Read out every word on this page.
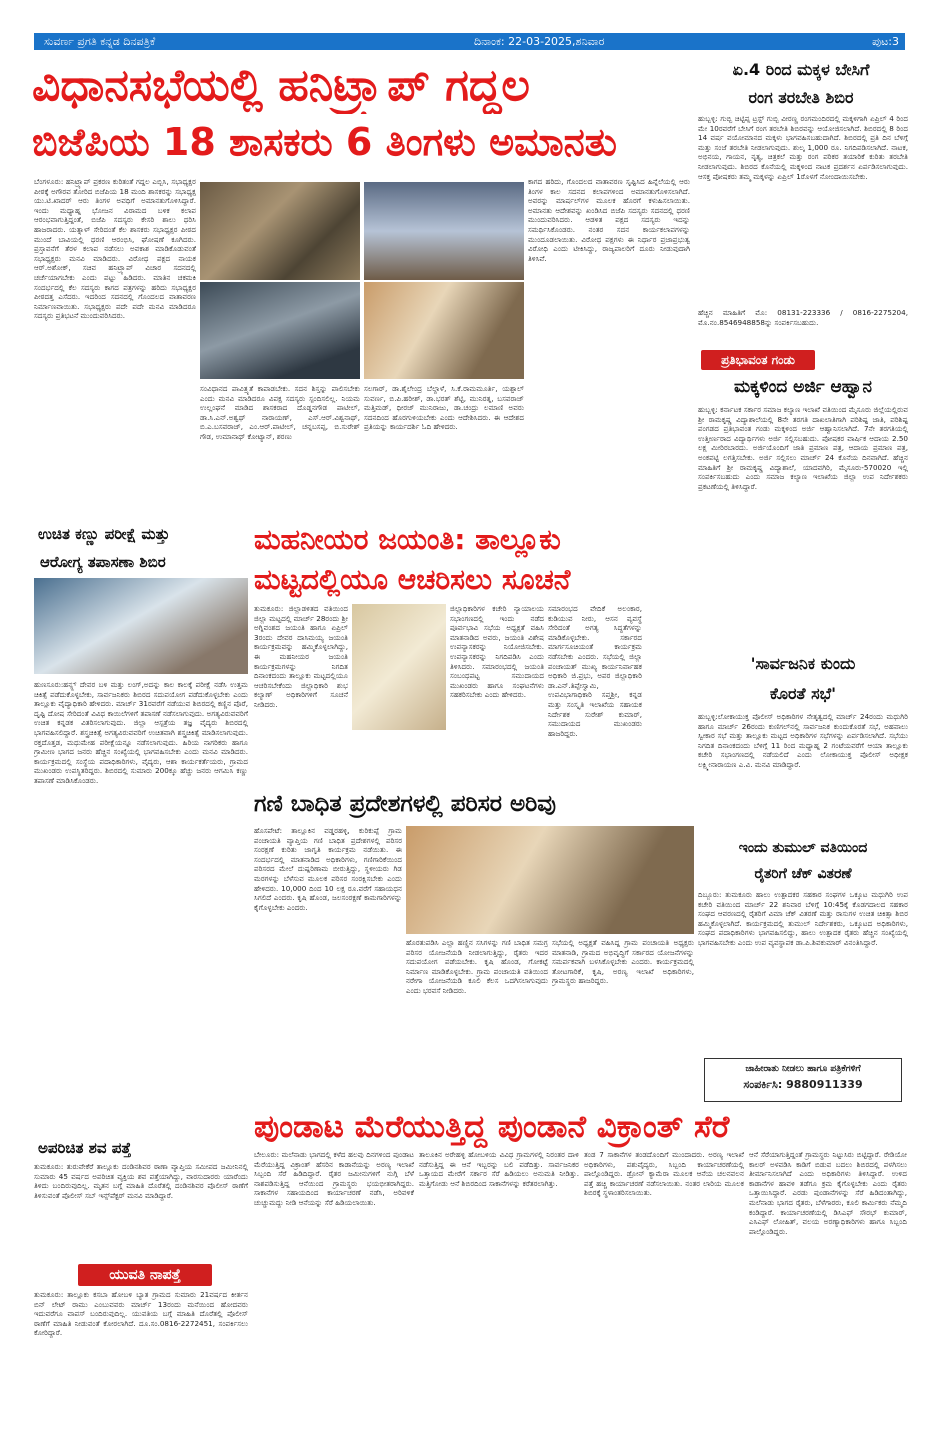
ಸುವರ್ಣ ಪ್ರಗತಿ ಕನ್ನಡ ದಿನಪತ್ರಿಕೆ	ದಿನಾಂಕ: 22-03-2025,ಶನಿವಾರ	ಪುಟ:3
ವಿಧಾನಸಭೆಯಲ್ಲಿ ಹನಿಟ್ರ್ಯಾಪ್ ಗದ್ದಲ
ಬಿಜೆಪಿಯ 18 ಶಾಸಕರು 6 ತಿಂಗಳು ಅಮಾನತು
ಬೆಂಗಳೂರು: ಹನಿಟ್ರ್ಯಾಪ್ ಪ್ರಕರಣ ಕುರಿತಂತೆ ಗದ್ದಲ ಎಬ್ಬಿಸಿ, ಸಭಾಧ್ಯಕ್ಷರ ಪೀಠಕ್ಕೆ ಅಗೌರವ ತೋರಿದ ಬಿಜೆಪಿಯ 18 ಮಂದಿ ಶಾಸಕರನ್ನು ಸಭಾಧ್ಯಕ್ಷ ಯು.ಟಿ.ಖಾದರ್ ಆರು ತಿಂಗಳ ಅವಧಿಗೆ ಅಮಾನತುಗೊಳಿಸಿದ್ದಾರೆ. ಇಂದು ಮಧ್ಯಾಹ್ನ ಭೋಜನ ವಿರಾಮದ ಬಳಿಕ ಕಲಾಪ ಆರಂಭವಾಗುತ್ತಿದ್ದಂತೆ, ಬಿಜೆಪಿ ಸದಸ್ಯರು ಕೇಸರಿ ಶಾಲು ಧರಿಸಿ ಹಾಜರಾದರು. ಯತ್ನಾಳ್ ಸೇರಿದಂತೆ ಕೆಲ ಶಾಸಕರು ಸಭಾಧ್ಯಕ್ಷರ ಪೀಠದ ಮುಂದೆ ಬಾವಿಯಲ್ಲಿ ಧರಣಿ ಆರಂಭಿಸಿ, ಘೋಷಣೆ ಕೂಗಿದರು. ಪ್ರಸ್ತಾವನೆಗೆ ತೆರಳ ಕಲಾಪ ನಡೆಸಲು ಅವಕಾಶ ಮಾಡಿಕೊಡುವಂತೆ ಸಭಾಧ್ಯಕ್ಷರು ಮನವಿ ಮಾಡಿದರು. ವಿರೋಧ ಪಕ್ಷದ ನಾಯಕ ಆರ್.ಅಶೋಕ್, ಸಚಿವ ಹನಿಟ್ರ್ಯಾಪ್ ವಿಚಾರ ಸದನದಲ್ಲಿ ಚರ್ಚೆಯಾಗಬೇಕು ಎಂದು ಪಟ್ಟು ಹಿಡಿದರು. ಮಾತಿನ ಚಕಮಕಿ ಸಂದರ್ಭದಲ್ಲಿ ಕೆಲ ಸದಸ್ಯರು ಕಾಗದ ಪತ್ರಗಳನ್ನು ಹರಿದು ಸಭಾಧ್ಯಕ್ಷರ ಪೀಠದತ್ತ ಎಸೆದರು. ಇದರಿಂದ ಸದನದಲ್ಲಿ ಗೊಂದಲದ ವಾತಾವರಣ ನಿರ್ಮಾಣವಾಯಿತು. ಸಭಾಧ್ಯಕ್ಷರು ಪದೇ ಪದೇ ಮನವಿ ಮಾಡಿದರೂ ಸದಸ್ಯರು ಪ್ರತಿಭಟನೆ ಮುಂದುವರಿಸಿದರು.
ಸಂವಿಧಾನದ ಪಾವಿತ್ರ್ಯತೆ ಕಾಪಾಡಬೇಕು. ಸದನ ಶಿಸ್ತನ್ನು ಪಾಲಿಸಬೇಕು ಎಂದು ಮನವಿ ಮಾಡಿದರೂ ವಿಪಕ್ಷ ಸದಸ್ಯರು ಸ್ಪಂದಿಸಲಿಲ್ಲ. ನಿಯಮ ಉಲ್ಲಂಘನೆ ಮಾಡಿದ ಶಾಸಕರಾದ ದೊಡ್ಡನಗೌಡ ಪಾಟೀಲ್, ಡಾ.ಸಿ.ಎನ್.ಅಶ್ವಥ್ ನಾರಾಯಣ್, ಎಸ್.ಆರ್.ವಿಶ್ವನಾಥ್, ಬಿ.ಎ.ಬಸವರಾಜ್, ಎಂ.ಆರ್.ಪಾಟೀಲ್, ಚನ್ನಬಸಪ್ಪ, ಬಿ.ಸುರೇಶ್ ಗೌಡ, ಉಮಾನಾಥ್ ಕೋಟ್ಯಾನ್, ಶರಣು
ಸಲಗಾರ್, ಡಾ.ಶೈಲೇಂದ್ರ ಬೆಲ್ದಾಳೆ, ಸಿ.ಕೆ.ರಾಮಮೂರ್ತಿ, ಯಶ್ಪಾಲ್ ಸುವರ್ಣ, ಬಿ.ಪಿ.ಹರೀಶ್, ಡಾ.ಭರತ್ ಶೆಟ್ಟಿ, ಮುನಿರತ್ನ, ಬಸವರಾಜ್ ಮತ್ತಿಮಡ್, ಧೀರಜ್ ಮುನಿರಾಜು, ಡಾ.ಚಂದ್ರು ಲಮಾಣಿ ಅವರು ಸದನದಿಂದ ಹೊರಗುಳಿಯಬೇಕು ಎಂದು ಆದೇಶಿಸಿದರು. ಈ ಆದೇಶದ ಪ್ರತಿಯನ್ನು ಕಾರ್ಯದರ್ಶಿ ಓದಿ ಹೇಳಿದರು.
ಕಾಗದ ಹರಿದು, ಗೊಂದಲದ ವಾತಾವರಣ ಸೃಷ್ಟಿಸಿದ ಹಿನ್ನೆಲೆಯಲ್ಲಿ ಆರು ತಿಂಗಳ ಕಾಲ ಸದನದ ಕಲಾಪಗಳಿಂದ ಅಮಾನತುಗೊಳಿಸಲಾಗಿದೆ. ಅವರನ್ನು ಮಾರ್ಷಲ್‌ಗಳ ಮೂಲಕ ಹೊರಗೆ ಕಳುಹಿಸಲಾಯಿತು. ಅಮಾನತು ಆದೇಶವನ್ನು ಖಂಡಿಸಿದ ಬಿಜೆಪಿ ಸದಸ್ಯರು ಸದನದಲ್ಲಿ ಧರಣಿ ಮುಂದುವರಿಸಿದರು. ಆಡಳಿತ ಪಕ್ಷದ ಸದಸ್ಯರು ಇದನ್ನು ಸಮರ್ಥಿಸಿಕೊಂಡರು. ನಂತರ ಸದನ ಕಾರ್ಯಕಲಾಪಗಳನ್ನು ಮುಂದೂಡಲಾಯಿತು. ವಿರೋಧ ಪಕ್ಷಗಳು ಈ ನಿರ್ಧಾರ ಪ್ರಜಾಪ್ರಭುತ್ವ ವಿರೋಧಿ ಎಂದು ಟೀಕಿಸಿದ್ದು, ರಾಜ್ಯಪಾಲರಿಗೆ ದೂರು ನೀಡುವುದಾಗಿ ತಿಳಿಸಿವೆ.
ಏ.4 ರಿಂದ ಮಕ್ಕಳ ಬೇಸಿಗೆ
ರಂಗ ತರಬೇತಿ ಶಿಬಿರ
ಹುಬ್ಬಳ್ಳಿ: ಗುಬ್ಬಿ ಚಿಟ್ಟಿಪ್ಪ ಟ್ರಸ್ಟ್ ಗುಬ್ಬಿ ವೀರಣ್ಣ ರಂಗಮಂದಿರದಲ್ಲಿ ಮಕ್ಕಳಿಗಾಗಿ ಏಪ್ರಿಲ್ 4 ರಿಂದ ಮೇ 10ರವರೆಗೆ ಬೇಸಿಗೆ ರಂಗ ತರಬೇತಿ ಶಿಬಿರವನ್ನು ಆಯೋಜಿಸಲಾಗಿದೆ. ಶಿಬಿರದಲ್ಲಿ 8 ರಿಂದ 14 ವರ್ಷ ವಯೋಮಾನದ ಮಕ್ಕಳು ಭಾಗವಹಿಸಬಹುದಾಗಿದೆ. ಶಿಬಿರದಲ್ಲಿ ಪ್ರತಿ ದಿನ ಬೆಳಿಗ್ಗೆ ಮತ್ತು ಸಂಜೆ ತರಬೇತಿ ನೀಡಲಾಗುವುದು. ಶುಲ್ಕ 1,000 ರೂ. ನಿಗದಿಪಡಿಸಲಾಗಿದೆ. ನಾಟಕ, ಅಭಿನಯ, ಗಾಯನ, ನೃತ್ಯ, ಚಿತ್ರಕಲೆ ಮತ್ತು ರಂಗ ಪರಿಕರ ತಯಾರಿಕೆ ಕುರಿತು ತರಬೇತಿ ನೀಡಲಾಗುವುದು. ಶಿಬಿರದ ಕೊನೆಯಲ್ಲಿ ಮಕ್ಕಳಿಂದ ನಾಟಕ ಪ್ರದರ್ಶನ ಏರ್ಪಡಿಸಲಾಗುವುದು. ಆಸಕ್ತ ಪೋಷಕರು ತಮ್ಮ ಮಕ್ಕಳನ್ನು ಏಪ್ರಿಲ್ 1ರೊಳಗೆ ನೋಂದಾಯಿಸಬೇಕು.
ಹೆಚ್ಚಿನ ಮಾಹಿತಿಗೆ ಮೊ: 08131-223336 / 0816-2275204, ಮೊ.ನಂ.8546948858ನ್ನು ಸಂಪರ್ಕಿಸಬಹುದು.
ಪ್ರತಿಭಾವಂತ ಗಂಡು
ಮಕ್ಕಳಿಂದ ಅರ್ಜಿ ಆಹ್ವಾನ
ಹುಬ್ಬಳ್ಳಿ: ಕರ್ನಾಟಕ ಸರ್ಕಾರ ಸಮಾಜ ಕಲ್ಯಾಣ ಇಲಾಖೆ ವತಿಯಿಂದ ಮೈಸೂರು ಜಿಲ್ಲೆಯಲ್ಲಿರುವ ಶ್ರೀ ರಾಮಕೃಷ್ಣ ವಿದ್ಯಾಶಾಲೆಯಲ್ಲಿ 8ನೇ ತರಗತಿ ದಾಖಲಾತಿಗಾಗಿ ಪರಿಶಿಷ್ಟ ಜಾತಿ, ಪರಿಶಿಷ್ಟ ಪಂಗಡದ ಪ್ರತಿಭಾವಂತ ಗಂಡು ಮಕ್ಕಳಿಂದ ಅರ್ಜಿ ಆಹ್ವಾನಿಸಲಾಗಿದೆ. 7ನೇ ತರಗತಿಯಲ್ಲಿ ಉತ್ತೀರ್ಣರಾದ ವಿದ್ಯಾರ್ಥಿಗಳು ಅರ್ಜಿ ಸಲ್ಲಿಸಬಹುದು. ಪೋಷಕರ ವಾರ್ಷಿಕ ಆದಾಯ 2.50 ಲಕ್ಷ ಮೀರಿರಬಾರದು. ಅರ್ಜಿಯೊಂದಿಗೆ ಜಾತಿ ಪ್ರಮಾಣ ಪತ್ರ, ಆದಾಯ ಪ್ರಮಾಣ ಪತ್ರ, ಅಂಕಪಟ್ಟಿ ಲಗತ್ತಿಸಬೇಕು. ಅರ್ಜಿ ಸಲ್ಲಿಸಲು ಮಾರ್ಚ್ 24 ಕೊನೆಯ ದಿನವಾಗಿದೆ. ಹೆಚ್ಚಿನ ಮಾಹಿತಿಗೆ ಶ್ರೀ ರಾಮಕೃಷ್ಣ ವಿದ್ಯಾಶಾಲೆ, ಯಾದವಗಿರಿ, ಮೈಸೂರು-570020 ಇಲ್ಲಿ ಸಂಪರ್ಕಿಸಬಹುದು ಎಂದು ಸಮಾಜ ಕಲ್ಯಾಣ ಇಲಾಖೆಯ ಜಿಲ್ಲಾ ಉಪ ನಿರ್ದೇಶಕರು ಪ್ರಕಟಣೆಯಲ್ಲಿ ತಿಳಿಸಿದ್ದಾರೆ.
ಉಚಿತ ಕಣ್ಣು ಪರೀಕ್ಷೆ ಮತ್ತು
ಆರೋಗ್ಯ ತಪಾಸಣಾ ಶಿಬಿರ
ಹುಣಸೂರು:ಹನ್ಸ್ಜ್ ದೇವರ ಬಳಿ ಮತ್ತು ಲಂಗ್,ಅದನ್ನು ಕಾಲ ಕಾಲಕ್ಕೆ ಪರೀಕ್ಷೆ ನಡೆಸಿ ಉತ್ತಮ ಚಿಕಿತ್ಸೆ ಪಡೆದುಕೊಳ್ಳಬೇಕು, ಸಾರ್ವಜನಿಕರು ಶಿಬಿರದ ಸದುಪಯೋಗ ಪಡೆದುಕೊಳ್ಳಬೇಕು ಎಂದು ತಾಲ್ಲೂಕು ವೈದ್ಯಾಧಿಕಾರಿ ಹೇಳಿದರು. ಮಾರ್ಚ್ 31ರವರೆಗೆ ನಡೆಯುವ ಶಿಬಿರದಲ್ಲಿ ಕಣ್ಣಿನ ಪೊರೆ, ದೃಷ್ಟಿ ದೋಷ ಸೇರಿದಂತೆ ವಿವಿಧ ಕಾಯಿಲೆಗಳಿಗೆ ತಪಾಸಣೆ ನಡೆಸಲಾಗುವುದು. ಅಗತ್ಯವಿರುವವರಿಗೆ ಉಚಿತ ಕನ್ನಡಕ ವಿತರಿಸಲಾಗುವುದು. ಜಿಲ್ಲಾ ಆಸ್ಪತ್ರೆಯ ತಜ್ಞ ವೈದ್ಯರು ಶಿಬಿರದಲ್ಲಿ ಭಾಗವಹಿಸಲಿದ್ದಾರೆ. ಶಸ್ತ್ರಚಿಕಿತ್ಸೆ ಅಗತ್ಯವಿರುವವರಿಗೆ ಉಚಿತವಾಗಿ ಶಸ್ತ್ರಚಿಕಿತ್ಸೆ ಮಾಡಿಸಲಾಗುವುದು. ರಕ್ತದೊತ್ತಡ, ಮಧುಮೇಹ ಪರೀಕ್ಷೆಯನ್ನೂ ನಡೆಸಲಾಗುವುದು. ಹಿರಿಯ ನಾಗರಿಕರು ಹಾಗೂ ಗ್ರಾಮೀಣ ಭಾಗದ ಜನರು ಹೆಚ್ಚಿನ ಸಂಖ್ಯೆಯಲ್ಲಿ ಭಾಗವಹಿಸಬೇಕು ಎಂದು ಮನವಿ ಮಾಡಿದರು. ಕಾರ್ಯಕ್ರಮದಲ್ಲಿ ಸಂಸ್ಥೆಯ ಪದಾಧಿಕಾರಿಗಳು, ವೈದ್ಯರು, ಆಶಾ ಕಾರ್ಯಕರ್ತೆಯರು, ಗ್ರಾಮದ ಮುಖಂಡರು ಉಪಸ್ಥಿತರಿದ್ದರು. ಶಿಬಿರದಲ್ಲಿ ಸುಮಾರು 200ಕ್ಕೂ ಹೆಚ್ಚು ಜನರು ಆಗಮಿಸಿ ಕಣ್ಣು ತಪಾಸಣೆ ಮಾಡಿಸಿಕೊಂಡರು.
ಮಹನೀಯರ ಜಯಂತಿ: ತಾಲ್ಲೂಕು
ಮಟ್ಟದಲ್ಲಿಯೂ ಆಚರಿಸಲು ಸೂಚನೆ
ತುಮಕೂರು: ಜಿಲ್ಲಾಡಳಿತದ ವತಿಯಿಂದ ಜಿಲ್ಲಾ ಮಟ್ಟದಲ್ಲಿ ಮಾರ್ಚ್ 28ರಂದು ಶ್ರೀ ಅಗ್ನಿವಂಶದ ಜಯಂತಿ ಹಾಗೂ ಏಪ್ರಿಲ್ 3ರಂದು ದೇವರ ದಾಸಿಮಯ್ಯ ಜಯಂತಿ ಕಾರ್ಯಕ್ರಮವನ್ನು ಹಮ್ಮಿಕೊಳ್ಳಲಾಗಿದ್ದು, ಈ ಮಹನೀಯರ ಜಯಂತಿ ಕಾರ್ಯಕ್ರಮಗಳನ್ನು ನಿಗದಿತ ದಿನಾಂಕದಂದು ತಾಲ್ಲೂಕು ಮಟ್ಟದಲ್ಲಿಯೂ ಆಚರಿಸಬೇಕೆಂದು ಜಿಲ್ಲಾಧಿಕಾರಿ ಶುಭ ಕಲ್ಯಾಣ್ ಅಧಿಕಾರಿಗಳಿಗೆ ಸೂಚನೆ ನೀಡಿದರು.
ಜಿಲ್ಲಾಧಿಕಾರಿಗಳ ಕಚೇರಿ ನ್ಯಾಯಾಲಯ ಸಭಾಂಗಣದಲ್ಲಿ ಇಂದು ನಡೆದ ಪೂರ್ವಭಾವಿ ಸಭೆಯ ಅಧ್ಯಕ್ಷತೆ ವಹಿಸಿ ಮಾತನಾಡಿದ ಅವರು, ಜಯಂತಿ ವಿಶೇಷ ಉಪನ್ಯಾಸಕರನ್ನು ನಿಯೋಜಿಸಬೇಕು. ಉಪನ್ಯಾಸಕರನ್ನು ನಿಗದಿಪಡಿಸಿ ಎಂದು ತಿಳಿಸಿದರು. ಸಮಾರಂಭದಲ್ಲಿ ಜಯಂತಿ ಸಂಬಂಧಪಟ್ಟ ಸಮುದಾಯದ ಮುಖಂಡರು ಹಾಗೂ ಸಂಘಟನೆಗಳು ಸಹಕರಿಸಬೇಕು ಎಂದು ಹೇಳಿದರು.
ಸಮಾರಂಭದ ವೇದಿಕೆ ಅಲಂಕಾರ, ಕುಡಿಯುವ ನೀರು, ಆಸನ ವ್ಯವಸ್ಥೆ ಸೇರಿದಂತೆ ಅಗತ್ಯ ಸಿದ್ಧತೆಗಳನ್ನು ಮಾಡಿಕೊಳ್ಳಬೇಕು. ಸರ್ಕಾರದ ಮಾರ್ಗಸೂಚಿಯಂತೆ ಕಾರ್ಯಕ್ರಮ ನಡೆಸಬೇಕು ಎಂದರು. ಸಭೆಯಲ್ಲಿ ಜಿಲ್ಲಾ ಪಂಚಾಯತ್ ಮುಖ್ಯ ಕಾರ್ಯನಿರ್ವಾಹಕ ಅಧಿಕಾರಿ ಜಿ.ಪ್ರಭು, ಅಪರ ಜಿಲ್ಲಾಧಿಕಾರಿ ಡಾ.ಎನ್.ತಿಪ್ಪೇಸ್ವಾಮಿ, ಉಪವಿಭಾಗಾಧಿಕಾರಿ ಸಪ್ತಶ್ರೀ, ಕನ್ನಡ ಮತ್ತು ಸಂಸ್ಕೃತಿ ಇಲಾಖೆಯ ಸಹಾಯಕ ನಿರ್ದೇಶಕ ಸುರೇಶ್ ಕುಮಾರ್, ಸಮುದಾಯದ ಮುಖಂಡರು ಹಾಜರಿದ್ದರು.
'ಸಾರ್ವಜನಿಕ ಕುಂದು
ಕೊರತೆ ಸಭೆ'
ಹುಬ್ಬಳ್ಳಿ:ಲೋಕಾಯುಕ್ತ ಪೊಲೀಸ್ ಅಧಿಕಾರಿಗಳ ನೇತೃತ್ವದಲ್ಲಿ ಮಾರ್ಚ್ 24ರಂದು ಮಧುಗಿರಿ ಹಾಗೂ ಮಾರ್ಚ್ 26ರಂದು ಕುಣಿಗಲ್‌ನಲ್ಲಿ ಸಾರ್ವಜನಿಕ ಕುಂದುಕೊರತೆ ಸಭೆ, ಅಹವಾಲು ಸ್ವೀಕಾರ ಸಭೆ ಮತ್ತು ತಾಲ್ಲೂಕು ಮಟ್ಟದ ಅಧಿಕಾರಿಗಳ ಸಭೆಗಳನ್ನು ಏರ್ಪಡಿಸಲಾಗಿದೆ. ಸಭೆಯು ನಿಗದಿತ ದಿನಾಂಕದಂದು ಬೆಳಿಗ್ಗೆ 11 ರಿಂದ ಮಧ್ಯಾಹ್ನ 2 ಗಂಟೆಯವರೆಗೆ ಆಯಾ ತಾಲ್ಲೂಕು ಕಚೇರಿ ಸಭಾಂಗಣದಲ್ಲಿ ನಡೆಯಲಿದೆ ಎಂದು ಲೋಕಾಯುಕ್ತ ಪೊಲೀಸ್ ಅಧೀಕ್ಷಕ ಲಕ್ಷ್ಮೀನಾರಾಯಣ ಎ.ವಿ. ಮನವಿ ಮಾಡಿದ್ದಾರೆ.
ಗಣಿ ಬಾಧಿತ ಪ್ರದೇಶಗಳಲ್ಲಿ ಪರಿಸರ ಅರಿವು
ಹೊಸಪೇಟೆ: ತಾಲ್ಲೂಕಿನ ವಡ್ಡರಹಳ್ಳಿ, ಕುರಿಕುಪ್ಪೆ ಗ್ರಾಮ ಪಂಚಾಯತಿ ವ್ಯಾಪ್ತಿಯ ಗಣಿ ಬಾಧಿತ ಪ್ರದೇಶಗಳಲ್ಲಿ ಪರಿಸರ ಸಂರಕ್ಷಣೆ ಕುರಿತು ಜಾಗೃತಿ ಕಾರ್ಯಕ್ರಮ ನಡೆಯಿತು. ಈ ಸಂದರ್ಭದಲ್ಲಿ ಮಾತನಾಡಿದ ಅಧಿಕಾರಿಗಳು, ಗಣಿಗಾರಿಕೆಯಿಂದ ಪರಿಸರದ ಮೇಲೆ ದುಷ್ಪರಿಣಾಮ ಬೀರುತ್ತಿದ್ದು, ಸ್ಥಳೀಯರು ಗಿಡ ಮರಗಳನ್ನು ಬೆಳೆಸುವ ಮೂಲಕ ಪರಿಸರ ಸಂರಕ್ಷಿಸಬೇಕು ಎಂದು ಹೇಳಿದರು. 10,000 ದಿಂದ 10 ಲಕ್ಷ ರೂ.ವರೆಗೆ ಸಹಾಯಧನ ಸಿಗಲಿದೆ ಎಂದರು. ಕೃಷಿ ಹೊಂಡ, ಜಲಸಂರಕ್ಷಣೆ ಕಾಮಗಾರಿಗಳನ್ನು ಕೈಗೊಳ್ಳಬೇಕು ಎಂದರು.
ಹೊರತುಪಡಿಸಿ ಎಲ್ಲಾ ಹಣ್ಣಿನ ಸಸಿಗಳನ್ನು ಗಣಿ ಬಾಧಿತ ಸಮಗ್ರ ಪರಿಸರ ಯೋಜನೆಯಡಿ ನೀಡಲಾಗುತ್ತಿದ್ದು, ರೈತರು ಇದರ ಸದುಪಯೋಗ ಪಡೆಯಬೇಕು. ಕೃಷಿ ಹೊಂಡ, ಗೋಕಟ್ಟೆ ನಿರ್ಮಾಣ ಮಾಡಿಕೊಳ್ಳಬೇಕು. ಗ್ರಾಮ ಪಂಚಾಯತಿ ವತಿಯಿಂದ ನರೇಗಾ ಯೋಜನೆಯಡಿ ಕೂಲಿ ಕೆಲಸ ಒದಗಿಸಲಾಗುವುದು ಎಂದು ಭರವಸೆ ನೀಡಿದರು.
ಸಭೆಯಲ್ಲಿ ಅಧ್ಯಕ್ಷತೆ ವಹಿಸಿದ್ದ ಗ್ರಾಮ ಪಂಚಾಯತಿ ಅಧ್ಯಕ್ಷರು ಮಾತನಾಡಿ, ಗ್ರಾಮದ ಅಭಿವೃದ್ಧಿಗೆ ಸರ್ಕಾರದ ಯೋಜನೆಗಳನ್ನು ಸಮರ್ಪಕವಾಗಿ ಬಳಸಿಕೊಳ್ಳಬೇಕು ಎಂದರು. ಕಾರ್ಯಕ್ರಮದಲ್ಲಿ ತೋಟಗಾರಿಕೆ, ಕೃಷಿ, ಅರಣ್ಯ ಇಲಾಖೆ ಅಧಿಕಾರಿಗಳು, ಗ್ರಾಮಸ್ಥರು ಹಾಜರಿದ್ದರು.
ಇಂದು ತುಮುಲ್ ವತಿಯಿಂದ
ರೈತರಿಗೆ ಚೆಕ್ ವಿತರಣೆ
ದಿಬ್ಬೂರು: ತುಮಕೂರು ಹಾಲು ಉತ್ಪಾದಕರ ಸಹಕಾರ ಸಂಘಗಳ ಒಕ್ಕೂಟ ಮಧುಗಿರಿ ಉಪ ಕಚೇರಿ ವತಿಯಿಂದ ಮಾರ್ಚ್ 22 ಶನಿವಾರ ಬೆಳಿಗ್ಗೆ 10:45ಕ್ಕೆ ಕೊಡಗದಾಲದ ಸಹಕಾರ ಸಂಘದ ಆವರಣದಲ್ಲಿ ರೈತರಿಗೆ ವಿಮಾ ಚೆಕ್ ವಿತರಣೆ ಮತ್ತು ರಾಸುಗಳ ಉಚಿತ ಚಿಕಿತ್ಸಾ ಶಿಬಿರ ಹಮ್ಮಿಕೊಳ್ಳಲಾಗಿದೆ. ಕಾರ್ಯಕ್ರಮದಲ್ಲಿ ತುಮುಲ್ ನಿರ್ದೇಶಕರು, ಒಕ್ಕೂಟದ ಅಧಿಕಾರಿಗಳು, ಸಂಘದ ಪದಾಧಿಕಾರಿಗಳು ಭಾಗವಹಿಸಲಿದ್ದು, ಹಾಲು ಉತ್ಪಾದಕ ರೈತರು ಹೆಚ್ಚಿನ ಸಂಖ್ಯೆಯಲ್ಲಿ ಭಾಗವಹಿಸಬೇಕು ಎಂದು ಉಪ ವ್ಯವಸ್ಥಾಪಕ ಡಾ.ಪಿ.ಶಿವಕುಮಾರ್ ವಿನಂತಿಸಿದ್ದಾರೆ.
ಜಾಹೀರಾತು ನೀಡಲು ಹಾಗೂ ಪತ್ರಿಕೆಗಳಿಗೆ
ಸಂಪರ್ಕಿಸಿ: 9880911339
ಪುಂಡಾಟ ಮೆರೆಯುತ್ತಿದ್ದ ಪುಂಡಾನೆ ವಿಕ್ರಾಂತ್ ಸೆರೆ
ಬೇಲೂರು: ಮಲೆನಾಡು ಭಾಗದಲ್ಲಿ ಕಳೆದ ಹಲವು ದಿನಗಳಿಂದ ಪುಂಡಾಟ ಮೆರೆಯುತ್ತಿದ್ದ ವಿಕ್ರಾಂತ್ ಹೆಸರಿನ ಕಾಡಾನೆಯನ್ನು ಅರಣ್ಯ ಇಲಾಖೆ ಸಿಬ್ಬಂದಿ ಸೆರೆ ಹಿಡಿದಿದ್ದಾರೆ. ರೈತರ ಜಮೀನುಗಳಿಗೆ ನುಗ್ಗಿ ಬೆಳೆ ನಾಶಪಡಿಸುತ್ತಿದ್ದ ಆನೆಯಿಂದ ಗ್ರಾಮಸ್ಥರು ಭಯಭೀತರಾಗಿದ್ದರು. ಸಾಕಾನೆಗಳ ಸಹಾಯದಿಂದ ಕಾರ್ಯಾಚರಣೆ ನಡೆಸಿ, ಅರಿವಳಿಕೆ ಚುಚ್ಚುಮದ್ದು ನೀಡಿ ಆನೆಯನ್ನು ಸೆರೆ ಹಿಡಿಯಲಾಯಿತು.
ತಾಲೂಕಿನ ಅರೇಹಳ್ಳಿ ಹೋಬಳಿಯ ವಿವಿಧ ಗ್ರಾಮಗಳಲ್ಲಿ ನಿರಂತರ ದಾಳಿ ನಡೆಸುತ್ತಿದ್ದ ಈ ಆನೆ ಇಬ್ಬರನ್ನು ಬಲಿ ಪಡೆದಿತ್ತು. ಸಾರ್ವಜನಿಕರ ಒತ್ತಾಯದ ಮೇರೆಗೆ ಸರ್ಕಾರ ಸೆರೆ ಹಿಡಿಯಲು ಅನುಮತಿ ನೀಡಿತ್ತು. ಮತ್ತಿಗೋಡು ಆನೆ ಶಿಬಿರದಿಂದ ಸಾಕಾನೆಗಳನ್ನು ಕರೆತರಲಾಗಿತ್ತು.
ತಂಡ 7 ಸಾಕಾನೆಗಳ ತಂಡದೊಂದಿಗೆ ಮುಂದಾದರು. ಅರಣ್ಯ ಇಲಾಖೆ ಅಧಿಕಾರಿಗಳು, ಪಶುವೈದ್ಯರು, ಸಿಬ್ಬಂದಿ ಕಾರ್ಯಾಚರಣೆಯಲ್ಲಿ ಪಾಲ್ಗೊಂಡಿದ್ದರು. ಡ್ರೋನ್ ಕ್ಯಾಮೆರಾ ಮೂಲಕ ಆನೆಯ ಚಲನವಲನ ಪತ್ತೆ ಹಚ್ಚಿ ಕಾರ್ಯಾಚರಣೆ ನಡೆಸಲಾಯಿತು. ನಂತರ ಲಾರಿಯ ಮೂಲಕ ಶಿಬಿರಕ್ಕೆ ಸ್ಥಳಾಂತರಿಸಲಾಯಿತು.
ಆನೆ ಸೆರೆಯಾಗುತ್ತಿದ್ದಂತೆ ಗ್ರಾಮಸ್ಥರು ನಿಟ್ಟುಸಿರು ಬಿಟ್ಟಿದ್ದಾರೆ. ರೇಡಿಯೋ ಕಾಲರ್ ಅಳವಡಿಸಿ ಕಾಡಿಗೆ ಬಿಡುವ ಬದಲು ಶಿಬಿರದಲ್ಲಿ ಪಳಗಿಸಲು ತೀರ್ಮಾನಿಸಲಾಗಿದೆ ಎಂದು ಅಧಿಕಾರಿಗಳು ತಿಳಿಸಿದ್ದಾರೆ. ಉಳಿದ ಕಾಡಾನೆಗಳ ಹಾವಳಿ ತಡೆಗೂ ಕ್ರಮ ಕೈಗೊಳ್ಳಬೇಕು ಎಂದು ರೈತರು ಒತ್ತಾಯಿಸಿದ್ದಾರೆ. ಎರಡು ಪುಂಡಾನೆಗಳನ್ನು ಸೆರೆ ಹಿಡಿದಂತಾಗಿದ್ದು, ಮಲೆನಾಡು ಭಾಗದ ರೈತರು, ಬೆಳೆಗಾರರು, ಕೂಲಿ ಕಾರ್ಮಿಕರು ನೆಮ್ಮದಿ ಕಂಡಿದ್ದಾರೆ. ಕಾರ್ಯಾಚರಣೆಯಲ್ಲಿ ಡಿಸಿಎಫ್ ಸೌರಭ್ ಕುಮಾರ್, ಎಸಿಎಫ್ ಲೋಹಿತ್, ವಲಯ ಅರಣ್ಯಾಧಿಕಾರಿಗಳು ಹಾಗೂ ಸಿಬ್ಬಂದಿ ಪಾಲ್ಗೊಂಡಿದ್ದರು.
ಅಪರಿಚಿತ ಶವ ಪತ್ತೆ
ತುಮಕೂರು: ತುರುವೇಕೆರೆ ತಾಲ್ಲೂಕು ದಂಡಿನಶಿವರ ಠಾಣಾ ವ್ಯಾಪ್ತಿಯ ಸಮೀಪದ ಜಮೀನಿನಲ್ಲಿ ಸುಮಾರು 45 ವರ್ಷದ ಅಪರಿಚಿತ ವ್ಯಕ್ತಿಯ ಶವ ಪತ್ತೆಯಾಗಿದ್ದು, ವಾರಸುದಾರರು ಯಾರೆಂದು ತಿಳಿದು ಬಂದಿರುವುದಿಲ್ಲ. ಮೃತನ ಬಗ್ಗೆ ಮಾಹಿತಿ ದೊರೆತಲ್ಲಿ ದಂಡಿನಶಿವರ ಪೊಲೀಸ್ ಠಾಣೆಗೆ ತಿಳಿಸುವಂತೆ ಪೊಲೀಸ್ ಸಬ್ ಇನ್ಸ್‌ಪೆಕ್ಟರ್ ಮನವಿ ಮಾಡಿದ್ದಾರೆ.
ಯುವತಿ ನಾಪತ್ತೆ
ತುಮಕೂರು: ತಾಲ್ಲೂಕು ಕಸಬಾ ಹೋಬಳಿ ಬ್ಯಾತ ಗ್ರಾಮದ ಸುಮಾರು 21ವರ್ಷದ ಕೀರ್ತನ ಬಿನ್ ಲೇಟ್ ರಾಮು ಎಂಬುವವರು ಮಾರ್ಚ್ 13ರಂದು ಮನೆಯಿಂದ ಹೋದವರು ಇದುವರೆಗೂ ವಾಪಸ್ ಬಂದಿರುವುದಿಲ್ಲ. ಯುವತಿಯ ಬಗ್ಗೆ ಮಾಹಿತಿ ದೊರೆತಲ್ಲಿ ಪೊಲೀಸ್ ಠಾಣೆಗೆ ಮಾಹಿತಿ ನೀಡುವಂತೆ ಕೋರಲಾಗಿದೆ. ದೂ.ಸಂ.0816-2272451, ಸಂಪರ್ಕಿಸಲು ಕೋರಿದ್ದಾರೆ.
